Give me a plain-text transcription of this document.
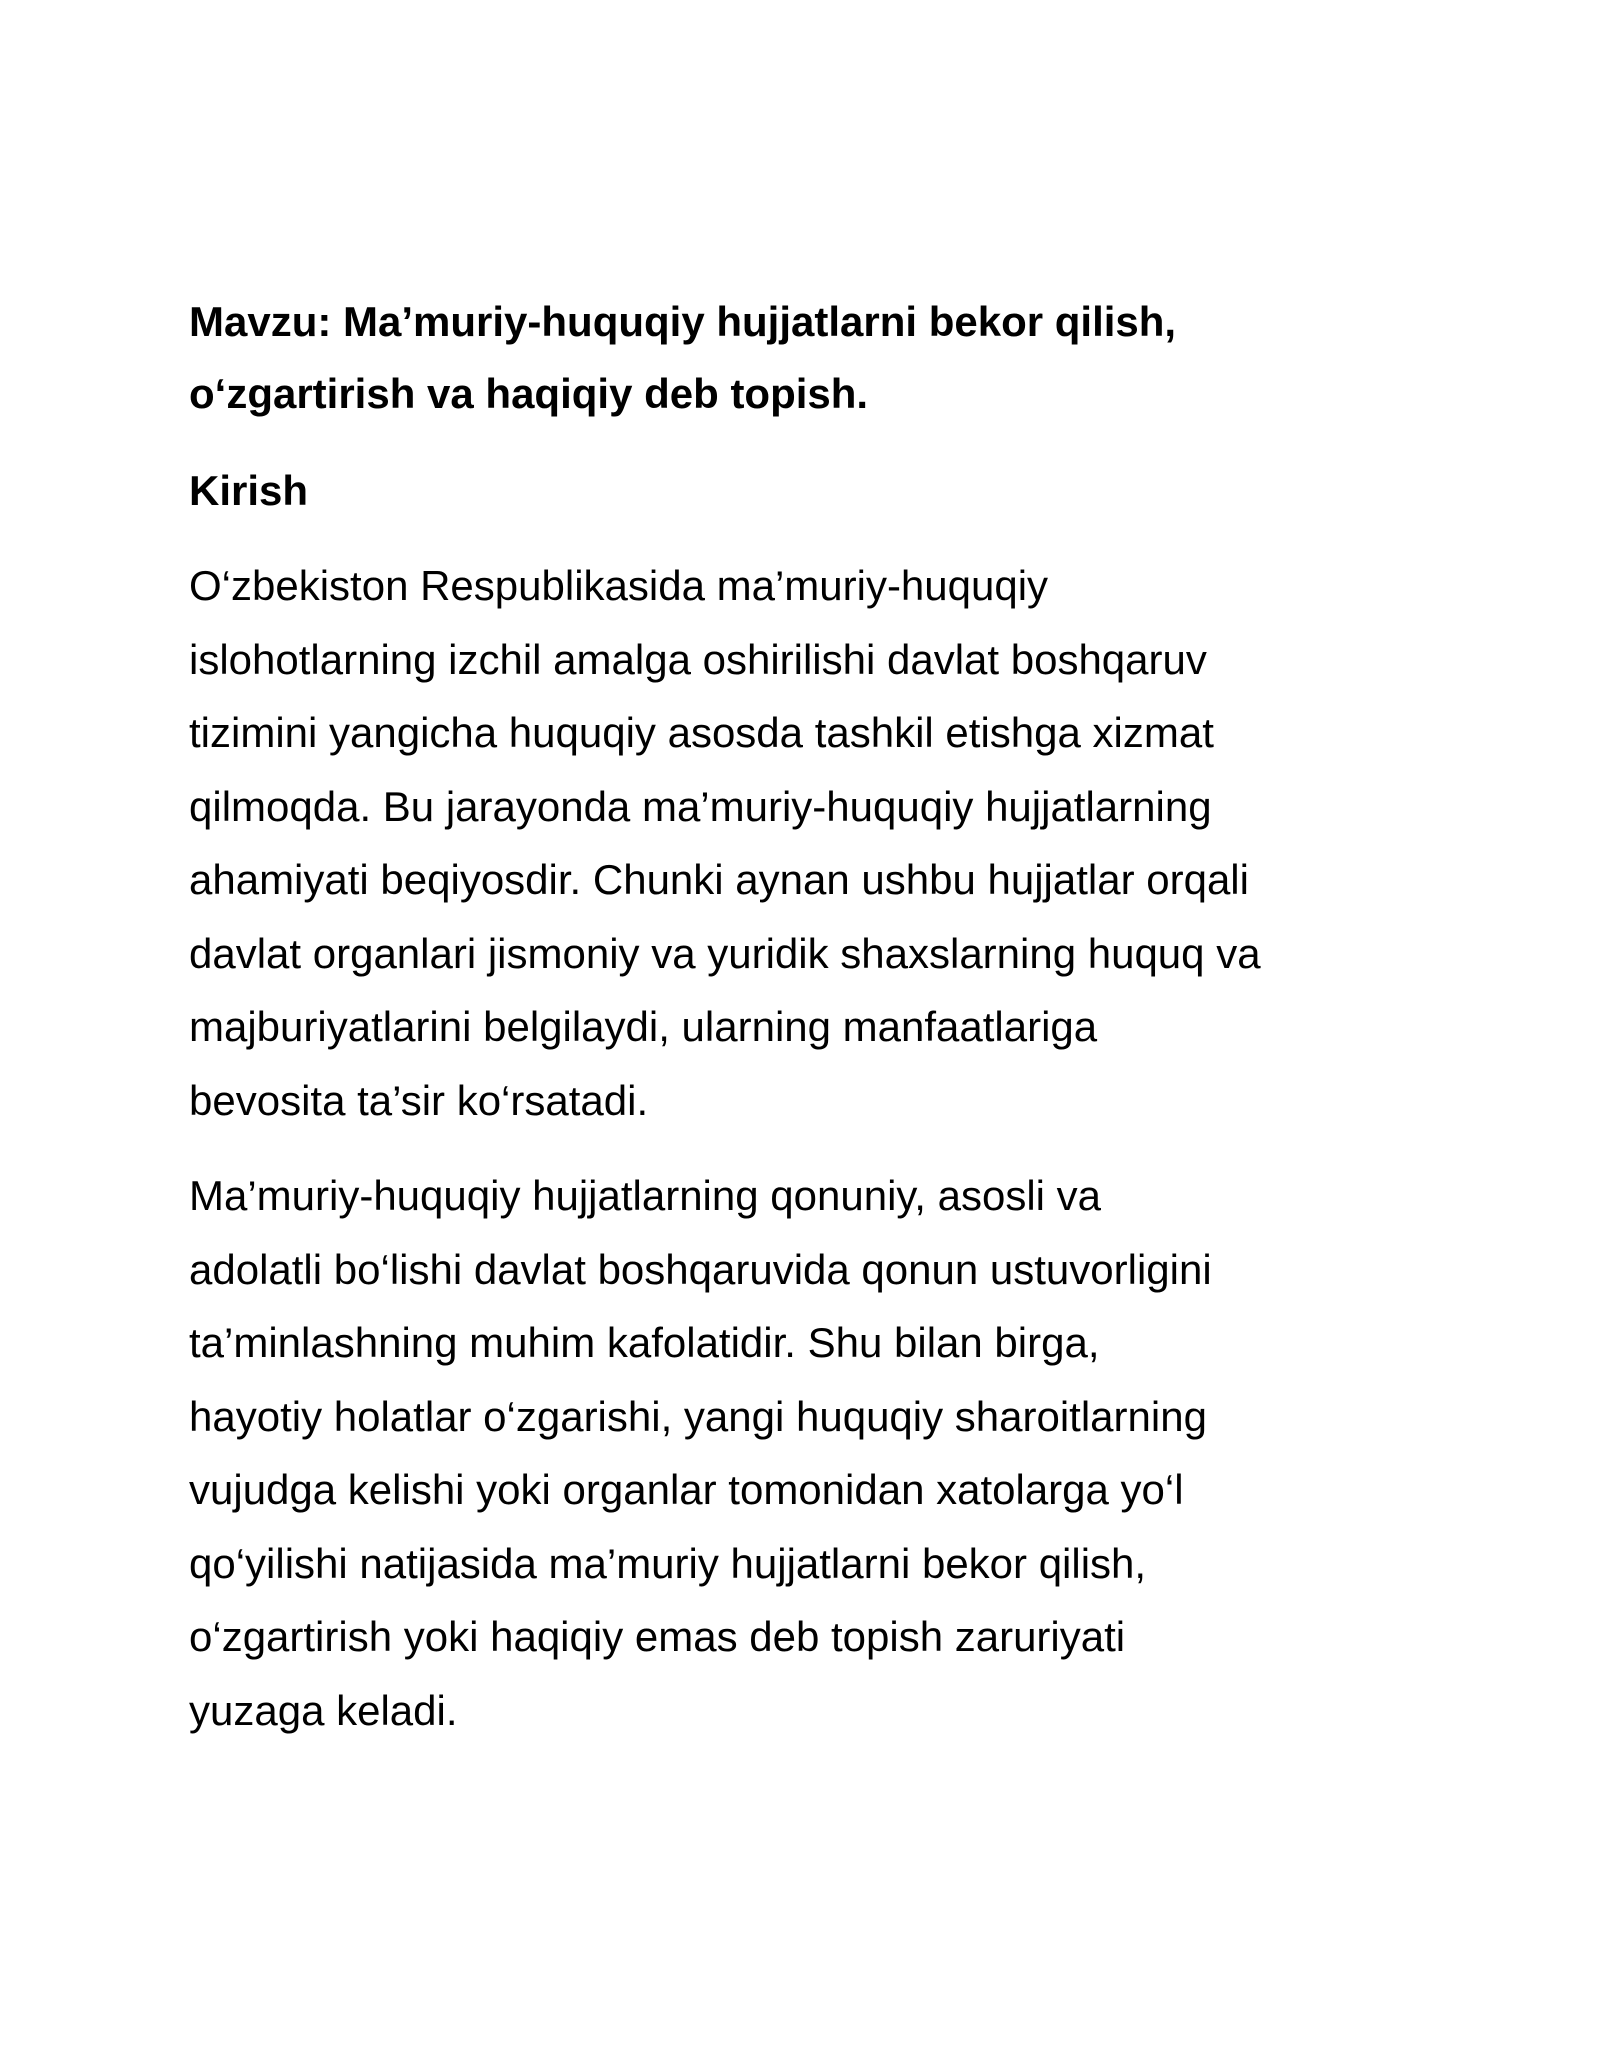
Mavzu: Ma’muriy-huquqiy hujjatlarni bekor qilish,
o‘zgartirish va haqiqiy deb topish.
Kirish
O‘zbekiston Respublikasida ma’muriy-huquqiy
islohotlarning izchil amalga oshirilishi davlat boshqaruv
tizimini yangicha huquqiy asosda tashkil etishga xizmat
qilmoqda. Bu jarayonda ma’muriy-huquqiy hujjatlarning
ahamiyati beqiyosdir. Chunki aynan ushbu hujjatlar orqali
davlat organlari jismoniy va yuridik shaxslarning huquq va
majburiyatlarini belgilaydi, ularning manfaatlariga
bevosita ta’sir ko‘rsatadi.
Ma’muriy-huquqiy hujjatlarning qonuniy, asosli va
adolatli bo‘lishi davlat boshqaruvida qonun ustuvorligini
ta’minlashning muhim kafolatidir. Shu bilan birga,
hayotiy holatlar o‘zgarishi, yangi huquqiy sharoitlarning
vujudga kelishi yoki organlar tomonidan xatolarga yo‘l
qo‘yilishi natijasida ma’muriy hujjatlarni bekor qilish,
o‘zgartirish yoki haqiqiy emas deb topish zaruriyati
yuzaga keladi.
